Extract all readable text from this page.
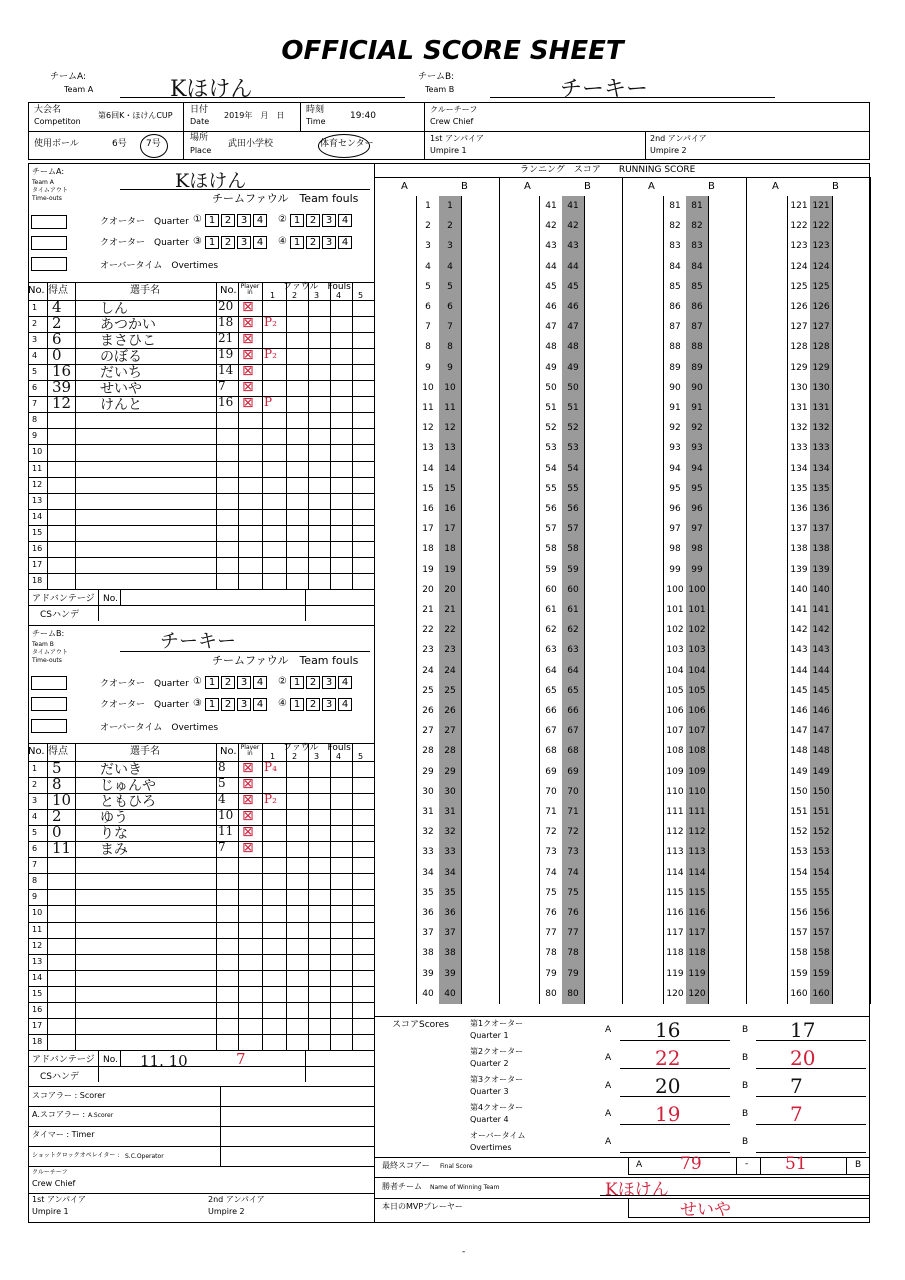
OFFICIAL SCORE SHEET
チームA:
Team A	Kほけん	チームB:
Team B	チーキー
大会名
Competiton
第6回K・ほけんCUP
日付
Date
2019年　月　日
時刻
Time
19:40
使用ボール	6号 7号
場所
Place
武田小学校	体育センター
クルーチーフ
Crew Chief
1st アンパイア
Umpire 1
2nd アンパイア
Umpire 2
チームA:
Team A
タイムアウト
Time-outs
Kほけん
チームファウル　Team fouls
クオーター　Quarter
クオーター　Quarter
オーバータイム　Overtimes
① 1 2 3 4	② 1 2 3 4
③ 1 2 3 4	④ 1 2 3 4
No. 得点	選手名	No. Player in
ファウル　Fouls
1 2 3 4 5
1 4	しん	20 ⊠
2 2	あつかい	18 ⊠ P₂
3 6	まさひこ	21 ⊠
4 0	のぼる	19 ⊠ P₂
5 16 だいち	14 ⊠
6 39 せいや	7 ⊠
7 12 けんと	16 ⊠ P
8
9
10
11
12
13
14
15
16
17
18
アドバンテージ No.
CSハンデ
チームB:
Team B
タイムアウト
Time-outs
チーキー
チームファウル　Team fouls
クオーター　Quarter
クオーター　Quarter
オーバータイム　Overtimes
① 1 2 3 4	② 1 2 3 4
③ 1 2 3 4	④ 1 2 3 4
No. 得点	選手名	No. Player in
ファウル　Fouls
1 2 3 4 5
1 5	だいき	8 ⊠ P₄
2 8	じゅんや	5 ⊠
3 10 ともひろ	4 ⊠ P₂
4 2	ゆう	10 ⊠
5 0	りな	11 ⊠
6 11 まみ	7 ⊠
7
8
9
10
11
12
13
14
15
16
17
18
アドバンテージ No. 11. 10	7
CSハンデ
スコアラー : Scorer
A.スコアラー : A.Scorer
タイマー : Timer
ショットクロックオペレイター : S.C.Operator
クルーチーフ
Crew Chief
1st アンパイア
Umpire 1
2nd アンパイア
Umpire 2
ランニング　スコア　　RUNNING SCORE
A	B
1	1
2	2
3	3
4	4
5	5
6	6
7	7
8	8
9	9
10	10
11	11
12	12
13	13
14	14
15	15
16	16
17	17
18	18
19	19
20	20
21	21
22	22
23	23
24	24
25	25
26	26
27	27
28	28
29	29
30	30
31	31
32	32
33	33
34	34
35	35
36	36
37	37
38	38
39	39
40	40
A	B
41	41
42	42
43	43
44	44
45	45
46	46
47	47
48	48
49	49
50	50
51	51
52	52
53	53
54	54
55	55
56	56
57	57
58	58
59	59
60	60
61	61
62	62
63	63
64	64
65	65
66	66
67	67
68	68
69	69
70	70
71	71
72	72
73	73
74	74
75	75
76	76
77	77
78	78
79	79
80	80
A	B
81	81
82	82
83	83
84	84
85	85
86	86
87	87
88	88
89	89
90	90
91	91
92	92
93	93
94	94
95	95
96	96
97	97
98	98
99	99
100 100
101 101
102 102
103 103
104 104
105 105
106 106
107 107
108 108
109 109
110 110
111 111
112 112
113 113
114 114
115 115
116 116
117 117
118 118
119 119
120 120
A	B
121 121
122 122
123 123
124 124
125 125
126 126
127 127
128 128
129 129
130 130
131 131
132 132
133 133
134 134
135 135
136 136
137 137
138 138
139 139
140 140
141 141
142 142
143 143
144 144
145 145
146 146
147 147
148 148
149 149
150 150
151 151
152 152
153 153
154 154
155 155
156 156
157 157
158 158
159 159
160 160
スコアScores	第1クオーター
Quarter 1
A	B
16	17
第2クオーター
Quarter 2
A	B
22	20
第3クオーター
Quarter 3
A	B
20	7
第4クオーター
Quarter 4
A	B
19	7
オーバータイム
Overtimes
A	B
最終スコアー Final Score	A 79	- 51	B
勝者チーム Name of Winning Team	Kほけん
本日のMVPプレーヤー	せいや
-
